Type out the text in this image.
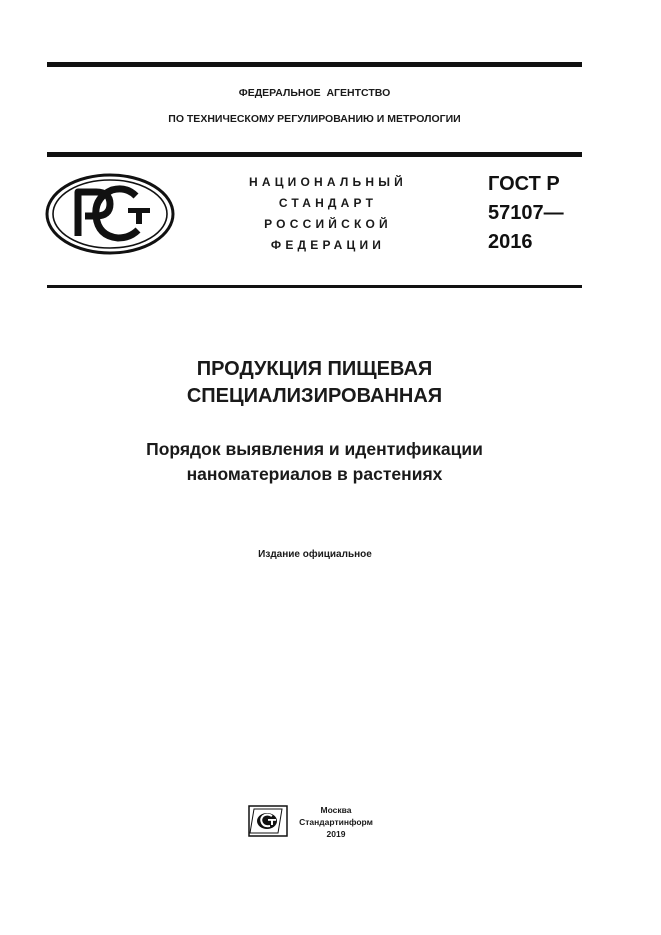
ФЕДЕРАЛЬНОЕ  АГЕНТСТВО
ПО ТЕХНИЧЕСКОМУ РЕГУЛИРОВАНИЮ И МЕТРОЛОГИИ
НАЦИОНАЛЬНЫЙ
СТАНДАРТ
РОССИЙСКОЙ
ФЕДЕРАЦИИ
ГОСТ Р
57107—
2016
ПРОДУКЦИЯ ПИЩЕВАЯ
СПЕЦИАЛИЗИРОВАННАЯ
Порядок выявления и идентификации
наноматериалов в растениях
Издание официальное
Москва
Стандартинформ
2019
